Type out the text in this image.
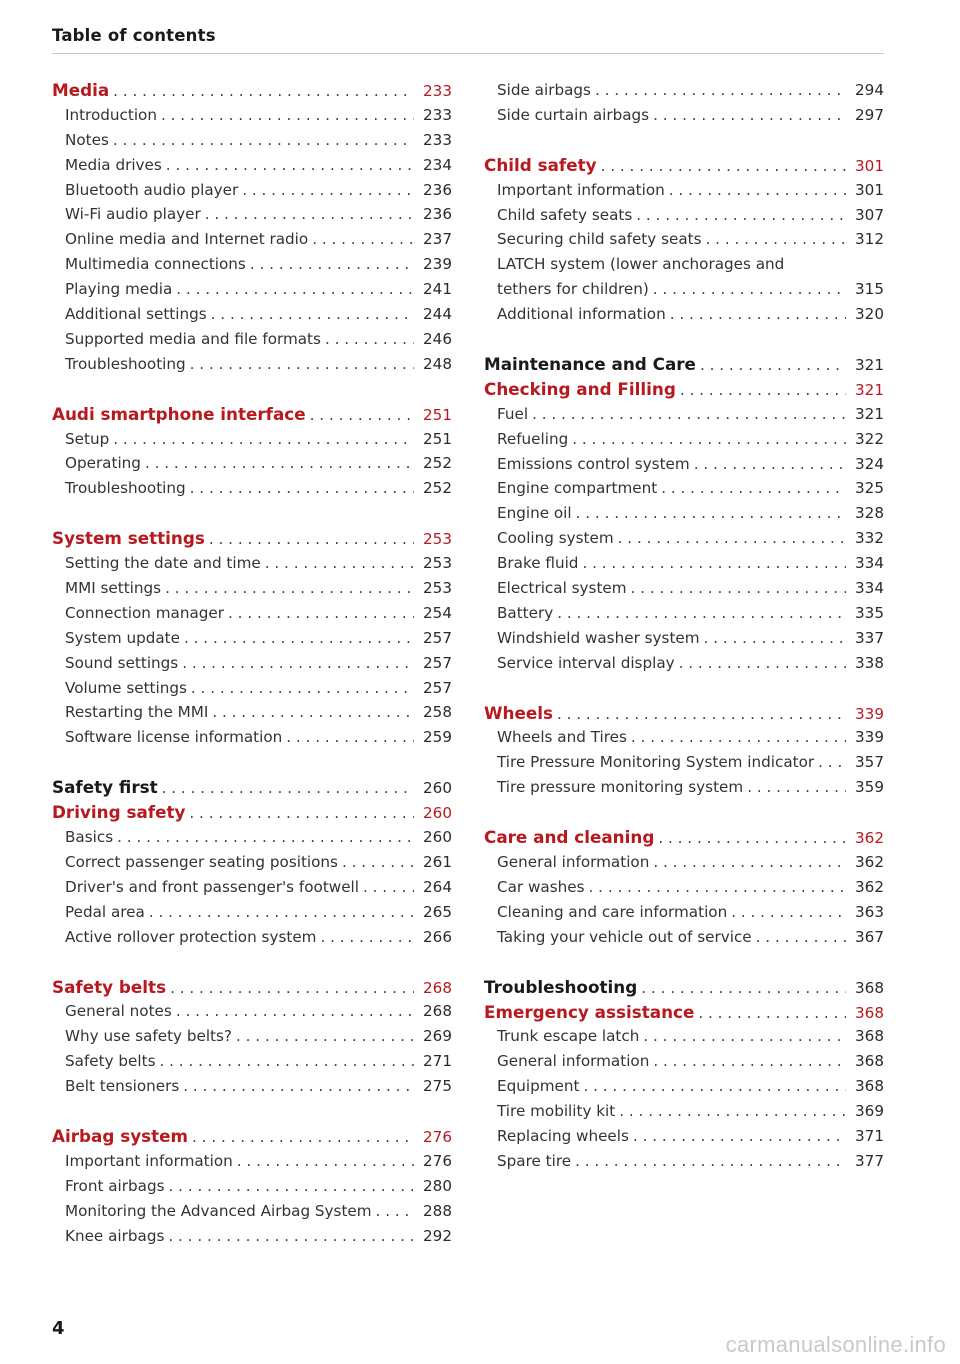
Table of contents
Media . . .	233
Introduction . . .	233
Notes . . .	233
Media drives . . .	234
Bluetooth audio player . . .	236
Wi-Fi audio player . . .	236
Online media and Internet radio . . .	237
Multimedia connections . . .	239
Playing media . . .	241
Additional settings . . .	244
Supported media and file formats . . .	246
Troubleshooting . . .	248
Audi smartphone interface . . .	251
Setup . . .	251
Operating . . .	252
Troubleshooting . . .	252
System settings . . .	253
Setting the date and time . . .	253
MMI settings . . .	253
Connection manager . . .	254
System update . . .	257
Sound settings . . .	257
Volume settings . . .	257
Restarting the MMI . . .	258
Software license information . . .	259
Safety first . . .	260
Driving safety . . .	260
Basics . . .	260
Correct passenger seating positions . . .	261
Driver's and front passenger's footwell . . .	264
Pedal area . . .	265
Active rollover protection system . . .	266
Safety belts . . .	268
General notes . . .	268
Why use safety belts? . . .	269
Safety belts . . .	271
Belt tensioners . . .	275
Airbag system . . .	276
Important information . . .	276
Front airbags . . .	280
Monitoring the Advanced Airbag System . . .	288
Knee airbags . . .	292
Side airbags . . .	294
Side curtain airbags . . .	297
Child safety . . .	301
Important information . . .	301
Child safety seats . . .	307
Securing child safety seats . . .	312
LATCH system (lower anchorages and
tethers for children) . . .	315
Additional information . . .	320
Maintenance and Care . . .	321
Checking and Filling . . .	321
Fuel . . .	321
Refueling . . .	322
Emissions control system . . .	324
Engine compartment . . .	325
Engine oil . . .	328
Cooling system . . .	332
Brake fluid . . .	334
Electrical system . . .	334
Battery . . .	335
Windshield washer system . . .	337
Service interval display . . .	338
Wheels . . .	339
Wheels and Tires . . .	339
Tire Pressure Monitoring System indicator . . .	357
Tire pressure monitoring system . . .	359
Care and cleaning . . .	362
General information . . .	362
Car washes . . .	362
Cleaning and care information . . .	363
Taking your vehicle out of service . . .	367
Troubleshooting . . .	368
Emergency assistance . . .	368
Trunk escape latch . . .	368
General information . . .	368
Equipment . . .	368
Tire mobility kit . . .	369
Replacing wheels . . .	371
Spare tire . . .	377
4
carmanualsonline.info
